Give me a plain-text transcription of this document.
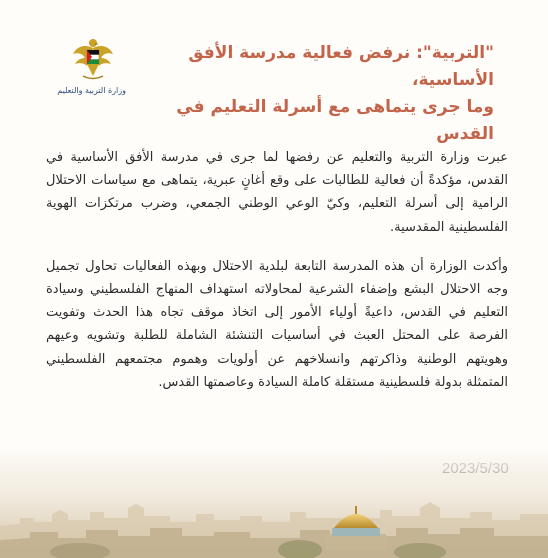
وزارة التربية والتعليم
"التربية": نرفض فعالية مدرسة الأفق الأساسية،
وما جرى يتماهى مع أسرلة التعليم في القدس

عبرت وزارة التربية والتعليم عن رفضها لما جرى في مدرسة الأفق الأساسية في القدس، مؤكدةً أن فعالية للطالبات على وقع أغانٍ عبرية، يتماهى مع سياسات الاحتلال الرامية إلى أسرلة التعليم، وكيّ الوعي الوطني الجمعي، وضرب مرتكزات الهوية الفلسطينية المقدسية.

وأكدت الوزارة أن هذه المدرسة التابعة لبلدية الاحتلال وبهذه الفعاليات تحاول تجميل وجه الاحتلال البشع وإضفاء الشرعية لمحاولاته استهداف المنهاج الفلسطيني وسيادة التعليم في القدس، داعيةً أولياء الأمور إلى اتخاذ موقف تجاه هذا الحدث وتفويت الفرصة على المحتل العبث في أساسيات التنشئة الشاملة للطلبة وتشويه وعيهم وهويتهم الوطنية وذاكرتهم وانسلاخهم عن أولويات وهموم مجتمعهم الفلسطيني المتمثلة بدولة فلسطينية مستقلة كاملة السيادة وعاصمتها القدس.
